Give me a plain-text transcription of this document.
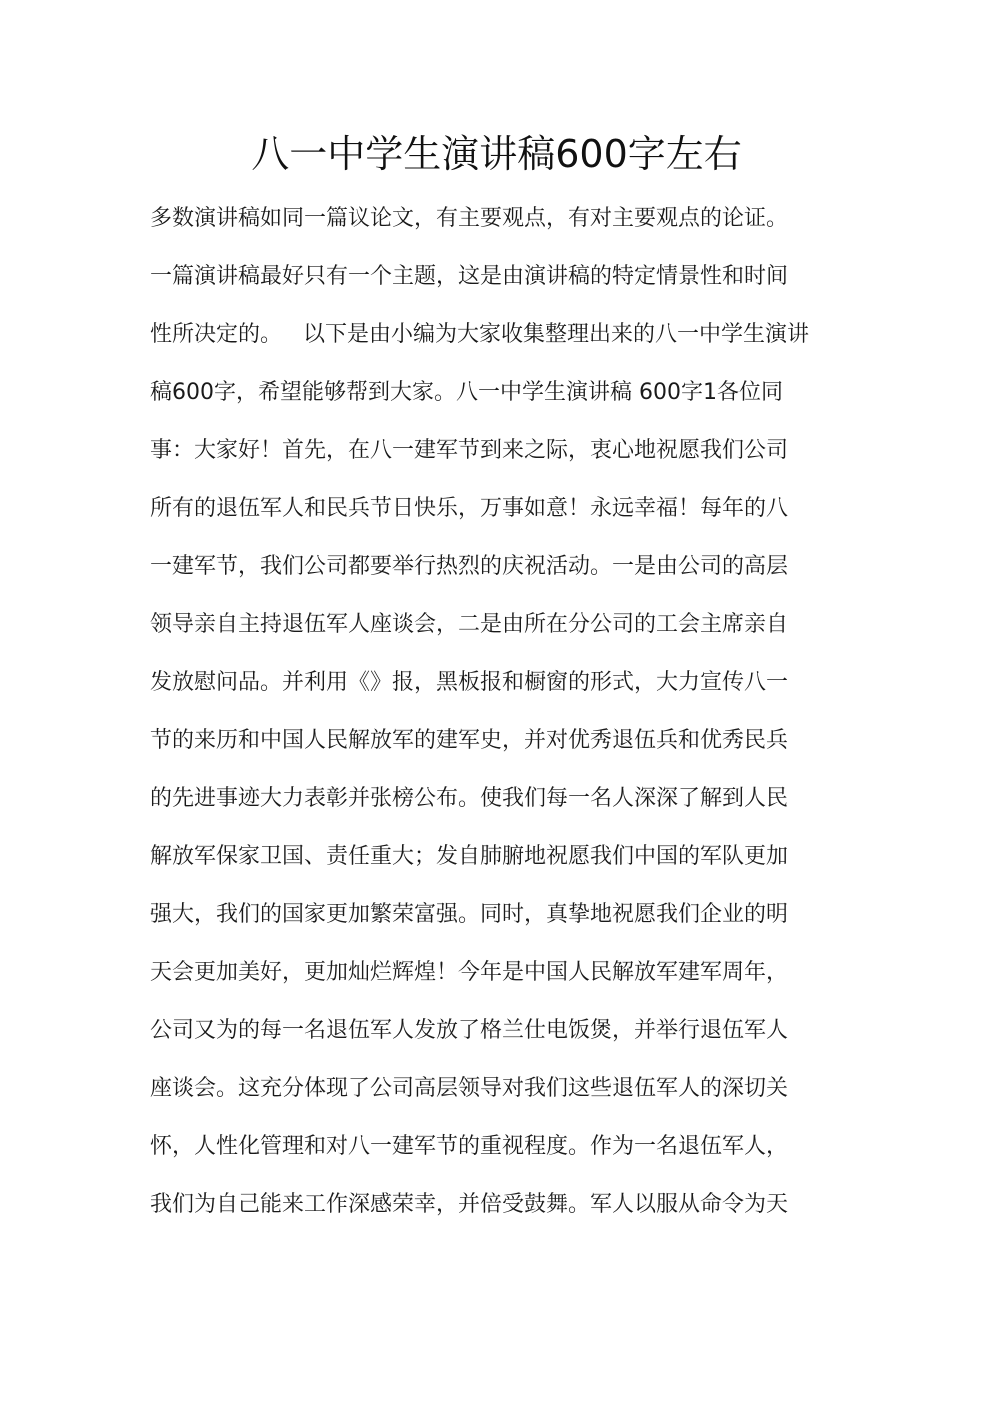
八一中学生演讲稿600字左右
多数演讲稿如同一篇议论文，有主要观点，有对主要观点的论证。
一篇演讲稿最好只有一个主题，这是由演讲稿的特定情景性和时间
性所决定的。   以下是由小编为大家收集整理出来的八一中学生演讲
稿600字，希望能够帮到大家。八一中学生演讲稿 600字1各位同
事：大家好！首先，在八一建军节到来之际，衷心地祝愿我们公司
所有的退伍军人和民兵节日快乐，万事如意！永远幸福！每年的八
一建军节，我们公司都要举行热烈的庆祝活动。一是由公司的高层
领导亲自主持退伍军人座谈会，二是由所在分公司的工会主席亲自
发放慰问品。并利用《》报，黑板报和橱窗的形式，大力宣传八一
节的来历和中国人民解放军的建军史，并对优秀退伍兵和优秀民兵
的先进事迹大力表彰并张榜公布。使我们每一名人深深了解到人民
解放军保家卫国、责任重大；发自肺腑地祝愿我们中国的军队更加
强大，我们的国家更加繁荣富强。同时，真挚地祝愿我们企业的明
天会更加美好，更加灿烂辉煌！今年是中国人民解放军建军周年，
公司又为的每一名退伍军人发放了格兰仕电饭煲，并举行退伍军人
座谈会。这充分体现了公司高层领导对我们这些退伍军人的深切关
怀，人性化管理和对八一建军节的重视程度。作为一名退伍军人，
我们为自己能来工作深感荣幸，并倍受鼓舞。军人以服从命令为天
